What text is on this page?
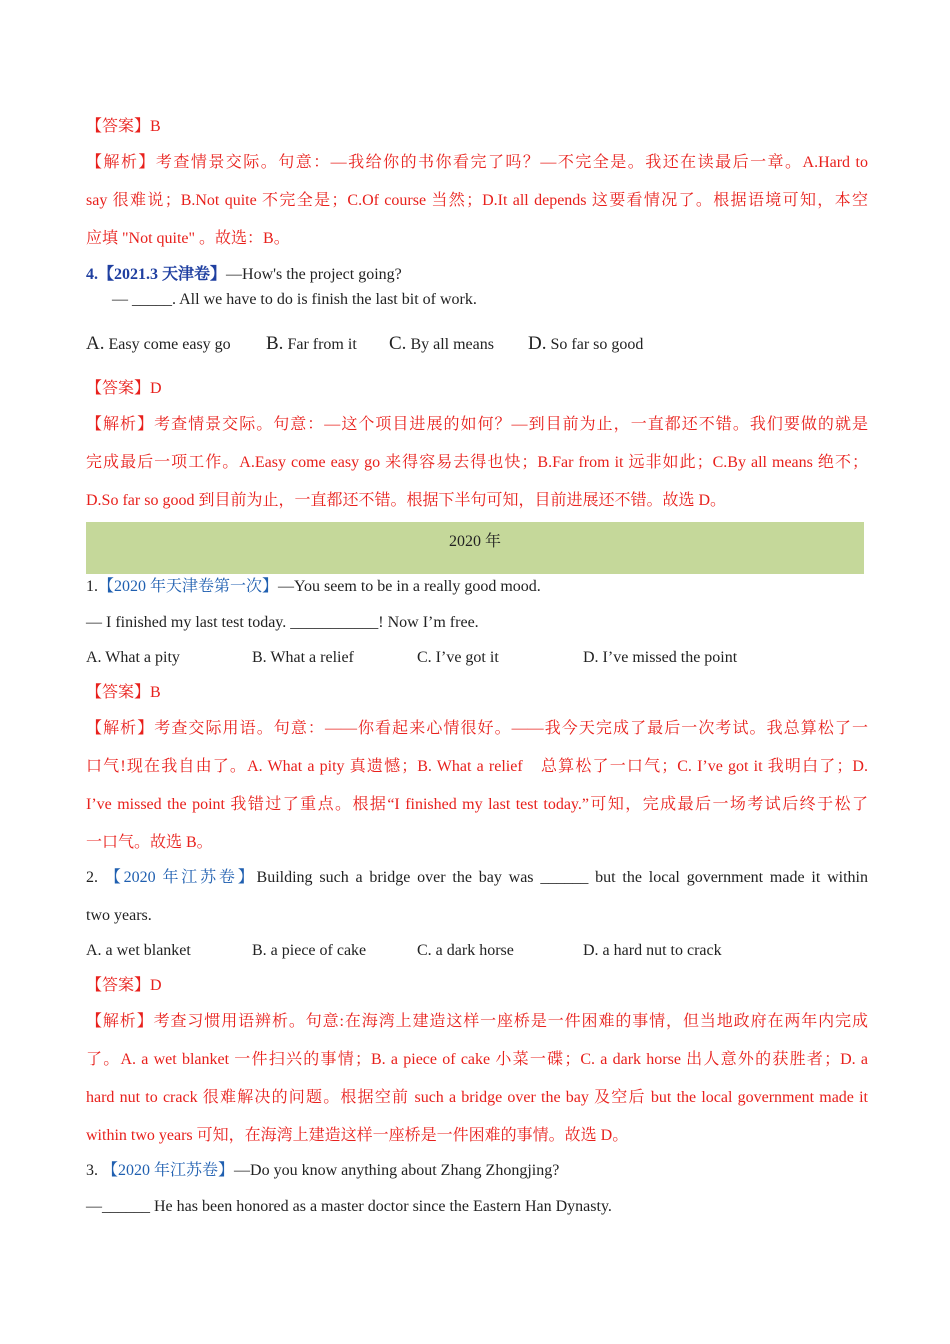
【答案】B
【解析】考查情景交际。句意：—我给你的书你看完了吗？—不完全是。我还在读最后一章。A.Hard to
say 很难说；B.Not quite 不完全是；C.Of course 当然；D.It all depends 这要看情况了。根据语境可知，本空
应填 "Not quite" 。故选：B。
4.【2021.3 天津卷】—How's the project going?
— _____. All we have to do is finish the last bit of work.
A. Easy come easy go B. Far from it C. By all means D. So far so good
【答案】D
【解析】考查情景交际。句意：—这个项目进展的如何？—到目前为止，一直都还不错。我们要做的就是
完成最后一项工作。A.Easy come easy go 来得容易去得也快；B.Far from it 远非如此；C.By all means 绝不；
D.So far so good 到目前为止，一直都还不错。根据下半句可知，目前进展还不错。故选 D。
2020 年
1.【2020 年天津卷第一次】—You seem to be in a really good mood.
— I finished my last test today. ___________! Now I’m free.
A. What a pity	B. What a relief	C. I’ve got it	D. I’ve missed the point
【答案】B
【解析】考查交际用语。句意：——你看起来心情很好。——我今天完成了最后一次考试。我总算松了一
口气!现在我自由了。A. What a pity 真遗憾；B. What a relief　总算松了一口气；C. I’ve got it 我明白了；D.
I’ve missed the point 我错过了重点。根据“I finished my last test today.”可知，完成最后一场考试后终于松了
一口气。故选 B。
2. 【2020 年江苏卷】Building such a bridge over the bay was ______ but the local government made it within
two years.
A. a wet blanket	B. a piece of cake	C. a dark horse	D. a hard nut to crack
【答案】D
【解析】考查习惯用语辨析。句意:在海湾上建造这样一座桥是一件困难的事情，但当地政府在两年内完成
了。A. a wet blanket 一件扫兴的事情；B. a piece of cake 小菜一碟；C. a dark horse 出人意外的获胜者；D. a
hard nut to crack 很难解决的问题。根据空前 such a bridge over the bay 及空后 but the local government made it
within two years 可知，在海湾上建造这样一座桥是一件困难的事情。故选 D。
3. 【2020 年江苏卷】—Do you know anything about Zhang Zhongjing?
—______ He has been honored as a master doctor since the Eastern Han Dynasty.
